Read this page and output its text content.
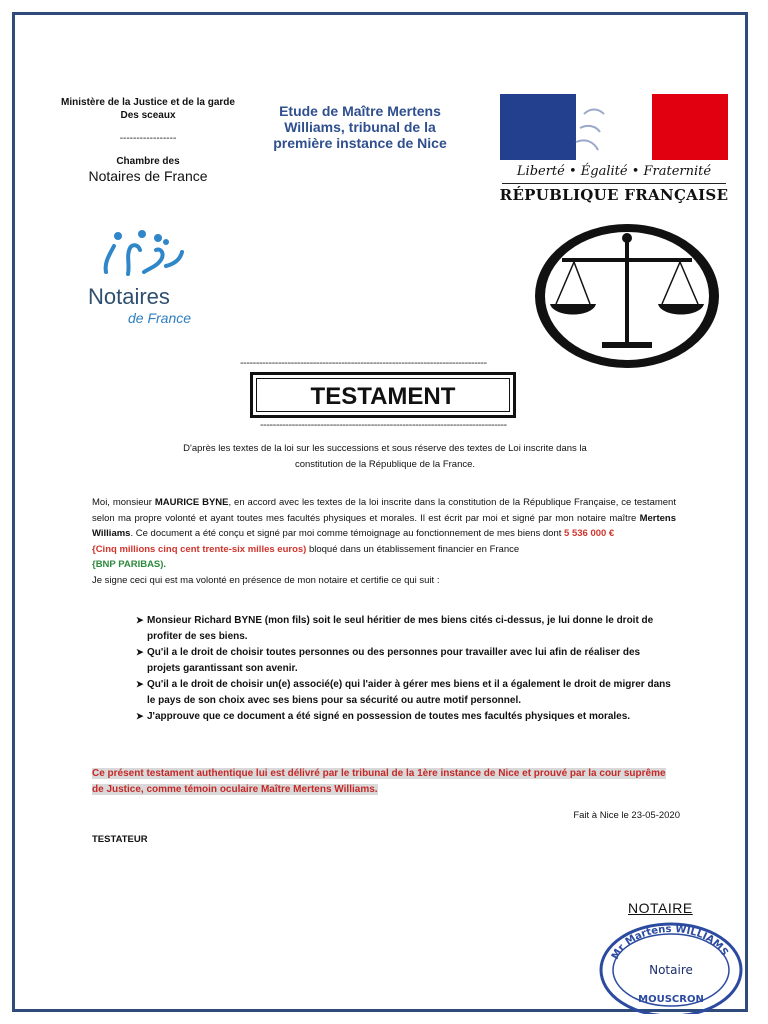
Ministère de la Justice et de la garde Des sceaux
-----------------
Chambre des
Notaires de France
Etude de Maître Mertens Williams, tribunal de la première instance de Nice
Liberté • Égalité • Fraternité
RÉPUBLIQUE FRANÇAISE
Notaires
de France
------------------------------------------------------------------------------
TESTAMENT
------------------------------------------------------------------------------
D'après les textes de la loi sur les successions et sous réserve des textes de Loi inscrite dans la
constitution de la République de la France.
Moi, monsieur MAURICE BYNE, en accord avec les textes de la loi inscrite dans la constitution de la République Française, ce testament selon ma propre volonté et ayant toutes mes facultés physiques et morales. Il est écrit par moi et signé par mon notaire maître Mertens Williams. Ce document a été conçu et signé par moi comme témoignage au fonctionnement de mes biens dont 5 536 000 €
{Cinq millions cinq cent trente-six milles euros) bloqué dans un établissement financier en France
{BNP PARIBAS).
Je signe ceci qui est ma volonté en présence de mon notaire et certifie ce qui suit :
➤ Monsieur Richard BYNE (mon fils) soit le seul héritier de mes biens cités ci-dessus, je lui donne le droit de profiter de ses biens.
➤ Qu'il a le droit de choisir toutes personnes ou des personnes pour travailler avec lui afin de réaliser des projets garantissant son avenir.
➤ Qu'il a le droit de choisir un(e) associé(e) qui l'aider à gérer mes biens et il a également le droit de migrer dans le pays de son choix avec ses biens pour sa sécurité ou autre motif personnel.
➤ J'approuve que ce document a été signé en possession de toutes mes facultés physiques et morales.
Ce présent testament authentique lui est délivré par le tribunal de la 1ère instance de Nice et prouvé par la cour suprême de Justice, comme témoin oculaire Maître Mertens Williams.
Fait à Nice le 23-05-2020
TESTATEUR
NOTAIRE
Mr Martens WILLIAMS
Notaire
MOUSCRON
